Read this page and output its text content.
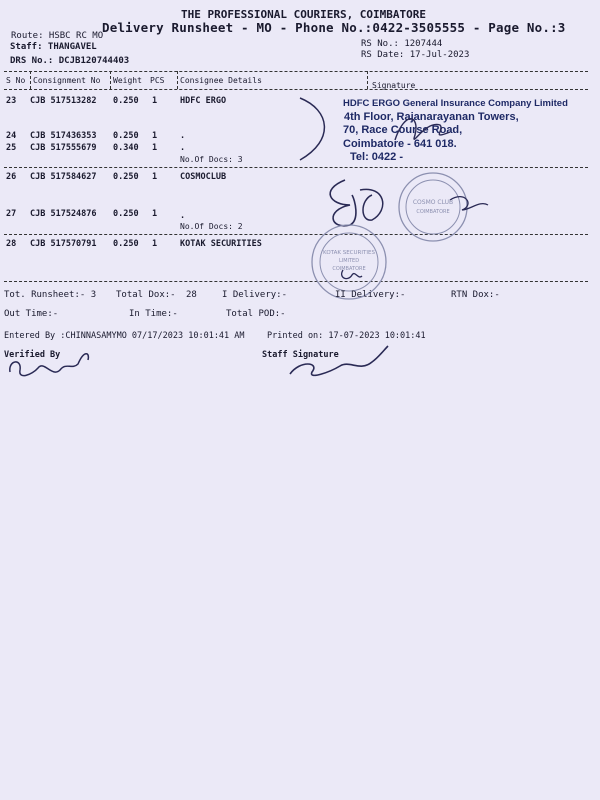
THE PROFESSIONAL COURIERS, COIMBATORE
Delivery Runsheet - MO - Phone No.:0422-3505555 - Page No.:3
Route: HSBC RC MO
Staff: THANGAVEL
DRS No.: DCJB120744403
RS No.: 1207444
RS Date: 17-Jul-2023
S No Consignment No Weight PCS Consignee Details
Signature
23 CJB 517513282 0.250 1	HDFC ERGO
24 CJB 517436353 0.250 1	.
25 CJB 517555679 0.340 1	.
No.Of Docs: 3
26 CJB 517584627 0.250 1	COSMOCLUB
27 CJB 517524876 0.250 1	.
No.Of Docs: 2
28 CJB 517570791 0.250 1	KOTAK SECURITIES
HDFC ERGO General Insurance Company Limited
4th Floor, Rajanarayanan Towers,
70, Race Course Road,
Coimbatore - 641 018.
Tel: 0422 -
COSMO CLUB
COIMBATORE
KOTAK SECURITIES
LIMITED
COIMBATORE
Tot. Runsheet:- 3 Total Dox:- 28	I Delivery:-	II Delivery:-	RTN Dox:-
Out Time:-	In Time:-	Total POD:-
Entered By :CHINNASAMYMO 07/17/2023 10:01:41 AM	Printed on: 17-07-2023 10:01:41
Verified By	Staff Signature
